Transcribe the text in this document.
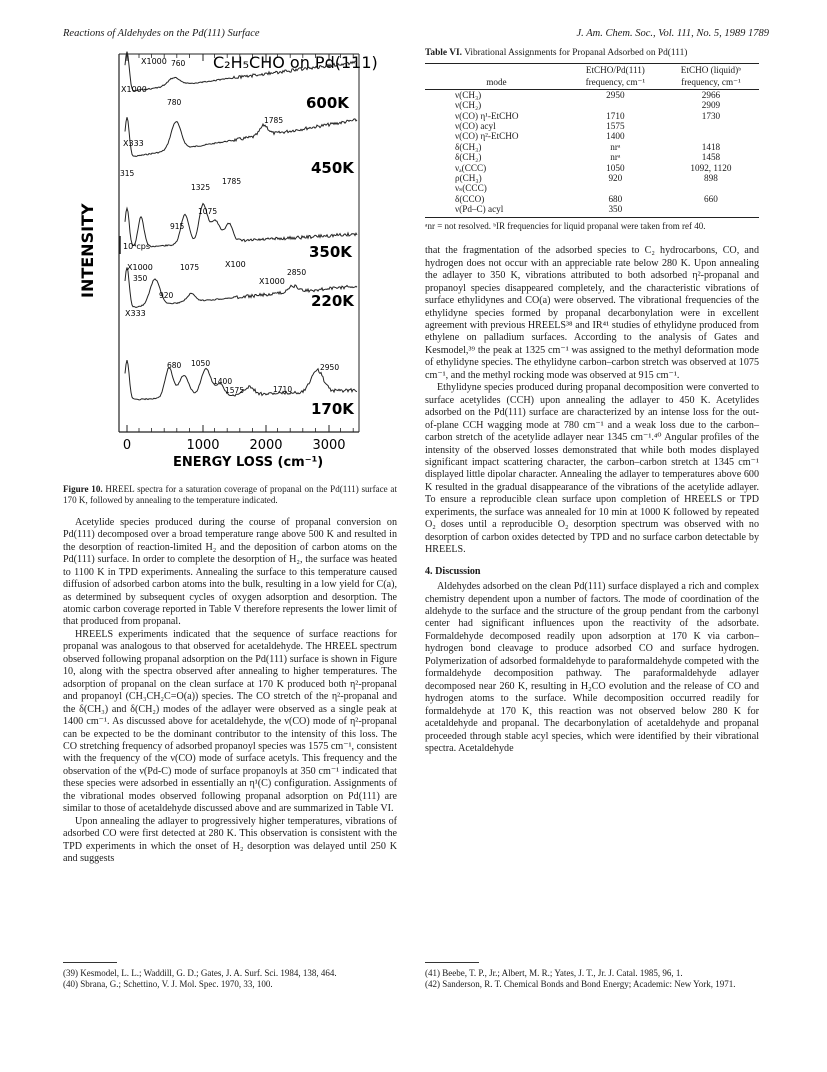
Reactions of Aldehydes on the Pd(111) Surface	J. Am. Chem. Soc., Vol. 111, No. 5, 1989 1789
INTENSITY
C₂H₅CHO on Pd(111)
600K
450K
350K
220K
170K
X1000
X1000
X333
X1000	X100
X1000
X333
10⁴cps
760
780
1785
315
1325
1785
1075
915
350
1075
2850
920
680 1050
1400
1575	1710
2950
0	1000 2000 3000
ENERGY LOSS (cm⁻¹)
Figure 10. HREEL spectra for a saturation coverage of propanal on the Pd(111) surface at 170 K, followed by annealing to the temperature indicated.

Acetylide species produced during the course of propanal conversion on Pd(111) decomposed over a broad temperature range above 500 K and resulted in the desorption of reaction-limited H₂ and the deposition of carbon atoms on the Pd(111) surface. In order to complete the desorption of H₂, the surface was heated to 1100 K in TPD experiments. Annealing the surface to this temperature caused diffusion of adsorbed carbon atoms into the bulk, resulting in a low yield for C(a), as determined by subsequent cycles of oxygen adsorption and desorption. The atomic carbon coverage reported in Table V therefore represents the lower limit of that produced from propanal.

HREELS experiments indicated that the sequence of surface reactions for propanal was analogous to that observed for acetaldehyde. The HREEL spectrum observed following propanal adsorption on the Pd(111) surface is shown in Figure 10, along with the spectra observed after annealing to higher temperatures. The adsorption of propanal on the clean surface at 170 K produced both η²-propanal and propanoyl (CH₃CH₂C=O(a)) species. The CO stretch of the η²-propanal and the δ(CH₃) and δ(CH₂) modes of the adlayer were observed as a single peak at 1400 cm⁻¹. As discussed above for acetaldehyde, the ν(CO) mode of η²-propanal can be expected to be the dominant contributor to the intensity of this loss. The CO stretching frequency of adsorbed propanoyl species was 1575 cm⁻¹, consistent with the frequency of the ν(CO) mode of surface acetyls. This frequency and the observation of the ν(Pd-C) mode of surface propanoyls at 350 cm⁻¹ indicated that these species were adsorbed in essentially an η¹(C) configuration. Assignments of the vibrational modes observed following propanal adsorption on Pd(111) are similar to those of acetaldehyde discussed above and are summarized in Table VI.

Upon annealing the adlayer to progressively higher temperatures, vibrations of adsorbed CO were first detected at 280 K. This observation is consistent with the TPD experiments in which the onset of H₂ desorption was delayed until 250 K and suggests

Table VI. Vibrational Assignments for Propanal Adsorbed on Pd(111)
	EtCHO/Pd(111)	EtCHO (liquid)ᵇ
mode	frequency, cm⁻¹	frequency, cm⁻¹
ν(CH₃)	2950	2966
ν(CH₂)		2909
ν(CO) η¹-EtCHO	1710	1730
ν(CO) acyl	1575	
ν(CO) η²-EtCHO	1400	
δ(CH₃)	nrᵃ	1418
δ(CH₂)	nrᵃ	1458
νₐ(CCC)	1050	1092, 1120
ρ(CH₃)	920	898
νₛ(CCC)		
δ(CCO)	680	660
ν(Pd–C) acyl	350	
ᵃnr = not resolved. ᵇIR frequencies for liquid propanal were taken from ref 40.

that the fragmentation of the adsorbed species to C₂ hydrocarbons, CO, and hydrogen does not occur with an appreciable rate below 280 K. Upon annealing the adlayer to 350 K, vibrations attributed to both adsorbed η²-propanal and propanoyl species disappeared completely, and the characteristic vibrations of surface ethylidynes and CO(a) were observed. The vibrational frequencies of the ethylidyne species formed by propanal decarbonylation were in excellent agreement with previous HREELS³⁸ and IR⁴¹ studies of ethylidyne produced from ethylene on palladium surfaces. According to the analysis of Gates and Kesmodel,³⁹ the peak at 1325 cm⁻¹ was assigned to the methyl deformation mode of ethylidyne species. The ethylidyne carbon–carbon stretch was observed at 1075 cm⁻¹, and the methyl rocking mode was observed at 915 cm⁻¹.

Ethylidyne species produced during propanal decomposition were converted to surface acetylides (CCH) upon annealing the adlayer to 450 K. Acetylides adsorbed on the Pd(111) surface are characterized by an intense loss for the out-of-plane CCH wagging mode at 780 cm⁻¹ and a weak loss due to the carbon–carbon stretch of the acetylide adlayer near 1345 cm⁻¹.⁴⁰ Angular profiles of the intensity of the observed losses demonstrated that while both modes displayed significant impact scattering character, the carbon–carbon stretch at 1345 cm⁻¹ displayed little dipolar character. Annealing the adlayer to temperatures above 600 K resulted in the gradual disappearance of the vibrations of the acetylide adlayer. To ensure a reproducible clean surface upon completion of HREELS or TPD experiments, the surface was annealed for 10 min at 1000 K followed by repeated O₂ doses until a reproducible O₂ desorption spectrum was observed with no desorption of carbon oxides detected by TPD and no surface carbon detectable by HREELS.

4. Discussion

Aldehydes adsorbed on the clean Pd(111) surface displayed a rich and complex chemistry dependent upon a number of factors. The mode of coordination of the aldehyde to the surface and the structure of the group pendant from the carbonyl center had significant influences upon the reactivity of the adsorbate. Formaldehyde decomposed readily upon adsorption at 170 K via carbon–hydrogen bond cleavage to produce adsorbed CO and surface hydrogen. Polymerization of adsorbed formaldehyde to paraformaldehyde competed with the formaldehyde decomposition pathway. The paraformaldehyde adlayer decomposed near 260 K, resulting in H₂CO evolution and the release of CO and hydrogen atoms to the surface. While decomposition occurred readily for formaldehyde at 170 K, this reaction was not observed below 280 K for acetaldehyde and propanal. The decarbonylation of acetaldehyde and propanal proceeded through stable acyl species, which were identified by their vibrational spectra. Acetaldehyde

(39) Kesmodel, L. L.; Waddill, G. D.; Gates, J. A. Surf. Sci. 1984, 138, 464.

(40) Sbrana, G.; Schettino, V. J. Mol. Spec. 1970, 33, 100.

(41) Beebe, T. P., Jr.; Albert, M. R.; Yates, J. T., Jr. J. Catal. 1985, 96, 1.

(42) Sanderson, R. T. Chemical Bonds and Bond Energy; Academic: New York, 1971.
